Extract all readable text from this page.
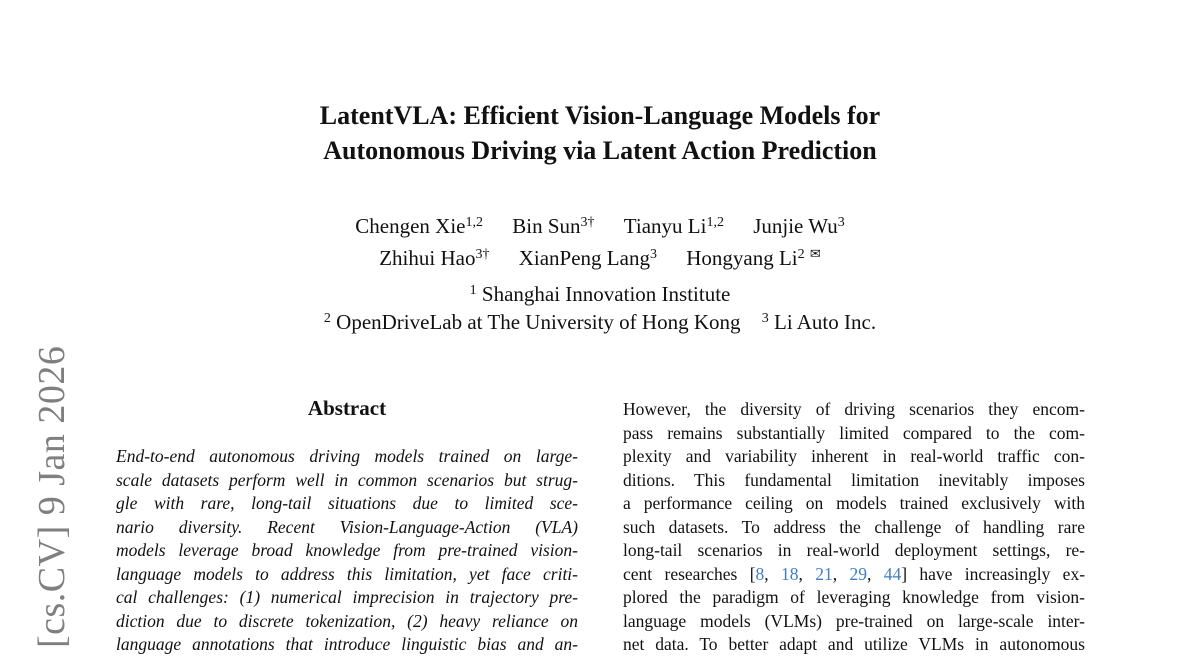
[cs.CV] 9 Jan 2026
LatentVLA: Efficient Vision-Language Models for
Autonomous Driving via Latent Action Prediction
Chengen Xie$^{1,2}$ Bin Sun$^{3\dagger}$ Tianyu Li$^{1,2}$ Junjie Wu$^3$
Zhihui Hao$^{3\dagger}$ XianPeng Lang$^3$ Hongyang Li$^2$ ✉
$^1$ Shanghai Innovation Institute
$^2$ OpenDriveLab at The University of Hong Kong $^3$ Li Auto Inc.
Abstract
End-to-end autonomous driving models trained on large-
scale datasets perform well in common scenarios but strug-
gle with rare, long-tail situations due to limited sce-
nario diversity. Recent Vision-Language-Action (VLA)
models leverage broad knowledge from pre-trained vision-
language models to address this limitation, yet face criti-
cal challenges: (1) numerical imprecision in trajectory pre-
diction due to discrete tokenization, (2) heavy reliance on
language annotations that introduce linguistic bias and an-
However, the diversity of driving scenarios they encom-
pass remains substantially limited compared to the com-
plexity and variability inherent in real-world traffic con-
ditions. This fundamental limitation inevitably imposes
a performance ceiling on models trained exclusively with
such datasets. To address the challenge of handling rare
long-tail scenarios in real-world deployment settings, re-
cent researches [8, 18, 21, 29, 44] have increasingly ex-
plored the paradigm of leveraging knowledge from vision-
language models (VLMs) pre-trained on large-scale inter-
net data. To better adapt and utilize VLMs in autonomous
